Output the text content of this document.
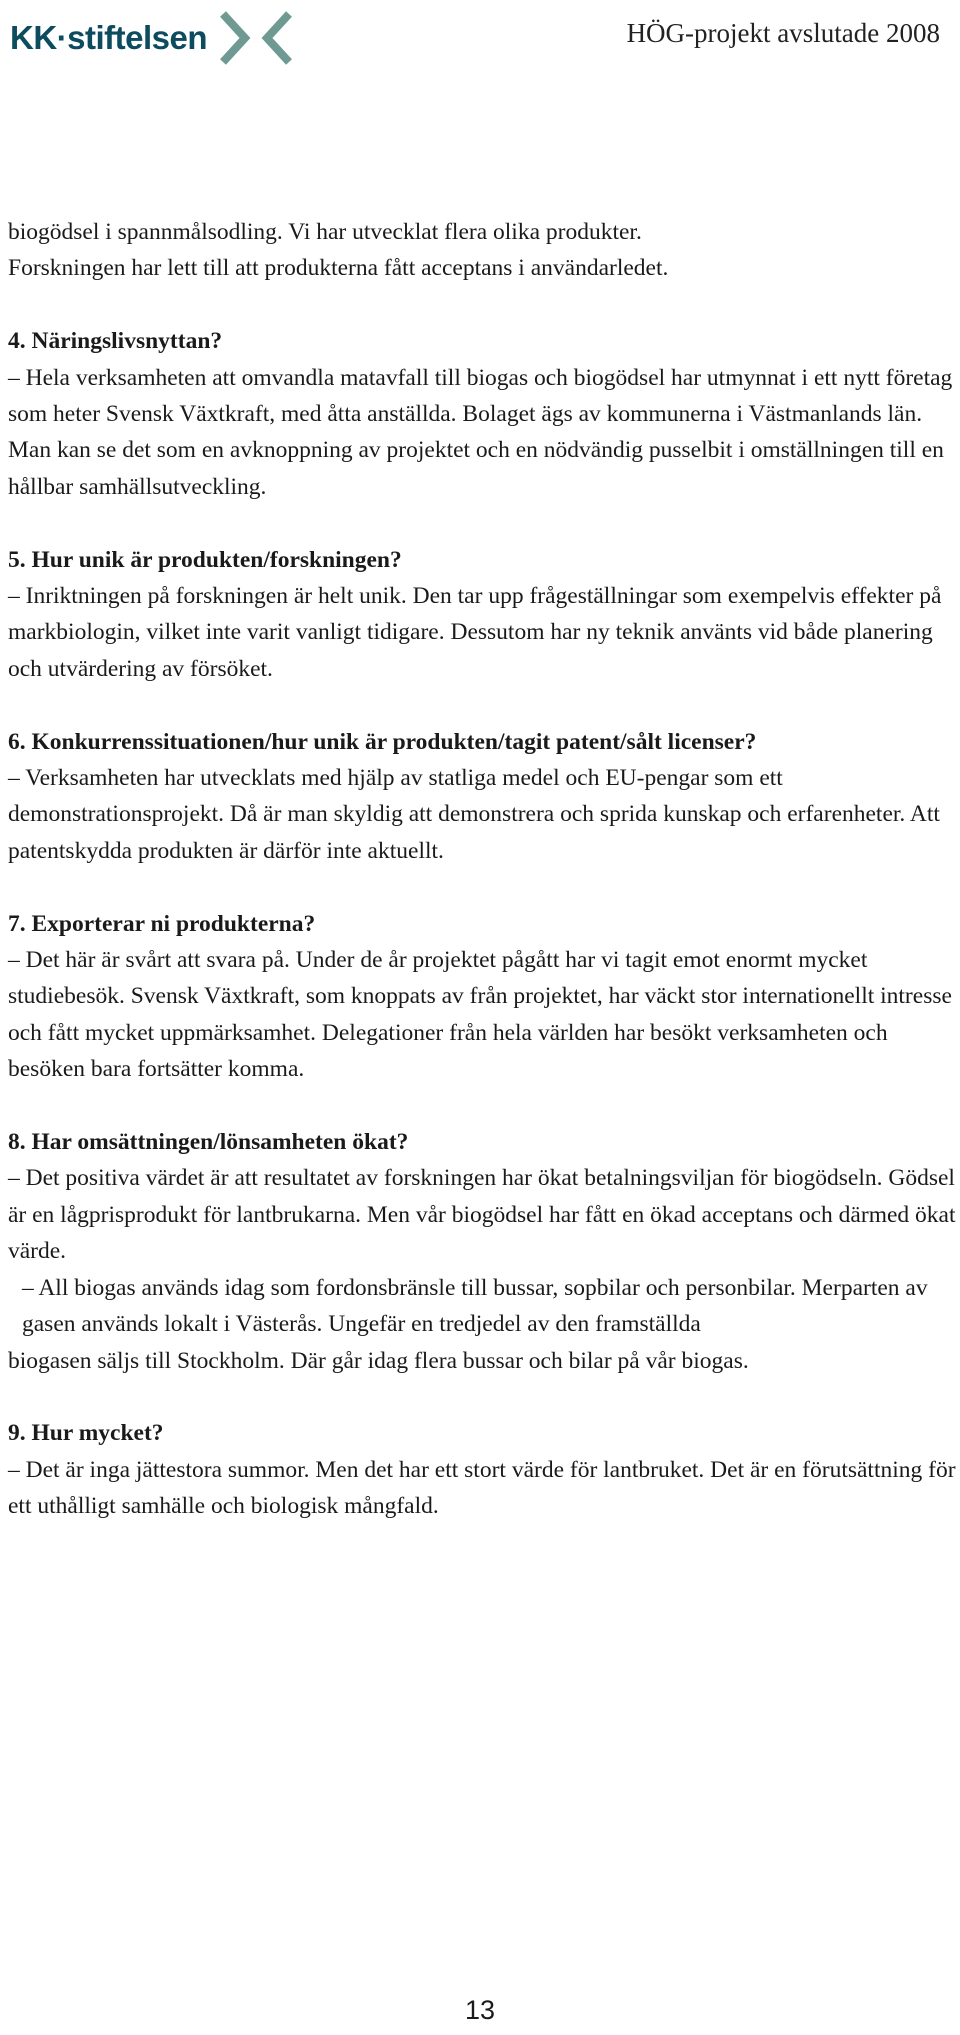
KK·stiftelsen	HÖG-projekt avslutade 2008

biogödsel i spannmålsodling. Vi har utvecklat flera olika produkter.

Forskningen har lett till att produkterna fått acceptans i användarledet.

4. Näringslivsnyttan?

– Hela verksamheten att omvandla matavfall till biogas och biogödsel har utmynnat i ett nytt företag som heter Svensk Växtkraft, med åtta anställda. Bolaget ägs av kommunerna i Västmanlands län. Man kan se det som en avknoppning av projektet och en nödvändig pusselbit i omställningen till en hållbar samhällsutveckling.

5. Hur unik är produkten/forskningen?

– Inriktningen på forskningen är helt unik. Den tar upp frågeställningar som exempelvis effekter på markbiologin, vilket inte varit vanligt tidigare. Dessutom har ny teknik använts vid både planering och utvärdering av försöket.

6. Konkurrenssituationen/hur unik är produkten/tagit patent/sålt licenser?

– Verksamheten har utvecklats med hjälp av statliga medel och EU-pengar som ett demonstrationsprojekt. Då är man skyldig att demonstrera och sprida kunskap och erfarenheter. Att patentskydda produkten är därför inte aktuellt.

7. Exporterar ni produkterna?

– Det här är svårt att svara på. Under de år projektet pågått har vi tagit emot enormt mycket studiebesök. Svensk Växtkraft, som knoppats av från projektet, har väckt stor internationellt intresse och fått mycket uppmärksamhet. Delegationer från hela världen har besökt verksamheten och besöken bara fortsätter komma.

8. Har omsättningen/lönsamheten ökat?

– Det positiva värdet är att resultatet av forskningen har ökat betalningsviljan för biogödseln. Gödsel är en lågprisprodukt för lantbrukarna. Men vår biogödsel har fått en ökad acceptans och därmed ökat värde.

– All biogas används idag som fordonsbränsle till bussar, sopbilar och personbilar. Merparten av gasen används lokalt i Västerås. Ungefär en tredjedel av den framställda

biogasen säljs till Stockholm. Där går idag flera bussar och bilar på vår biogas.

9. Hur mycket?

– Det är inga jättestora summor. Men det har ett stort värde för lantbruket. Det är en förutsättning för ett uthålligt samhälle och biologisk mångfald.

13
